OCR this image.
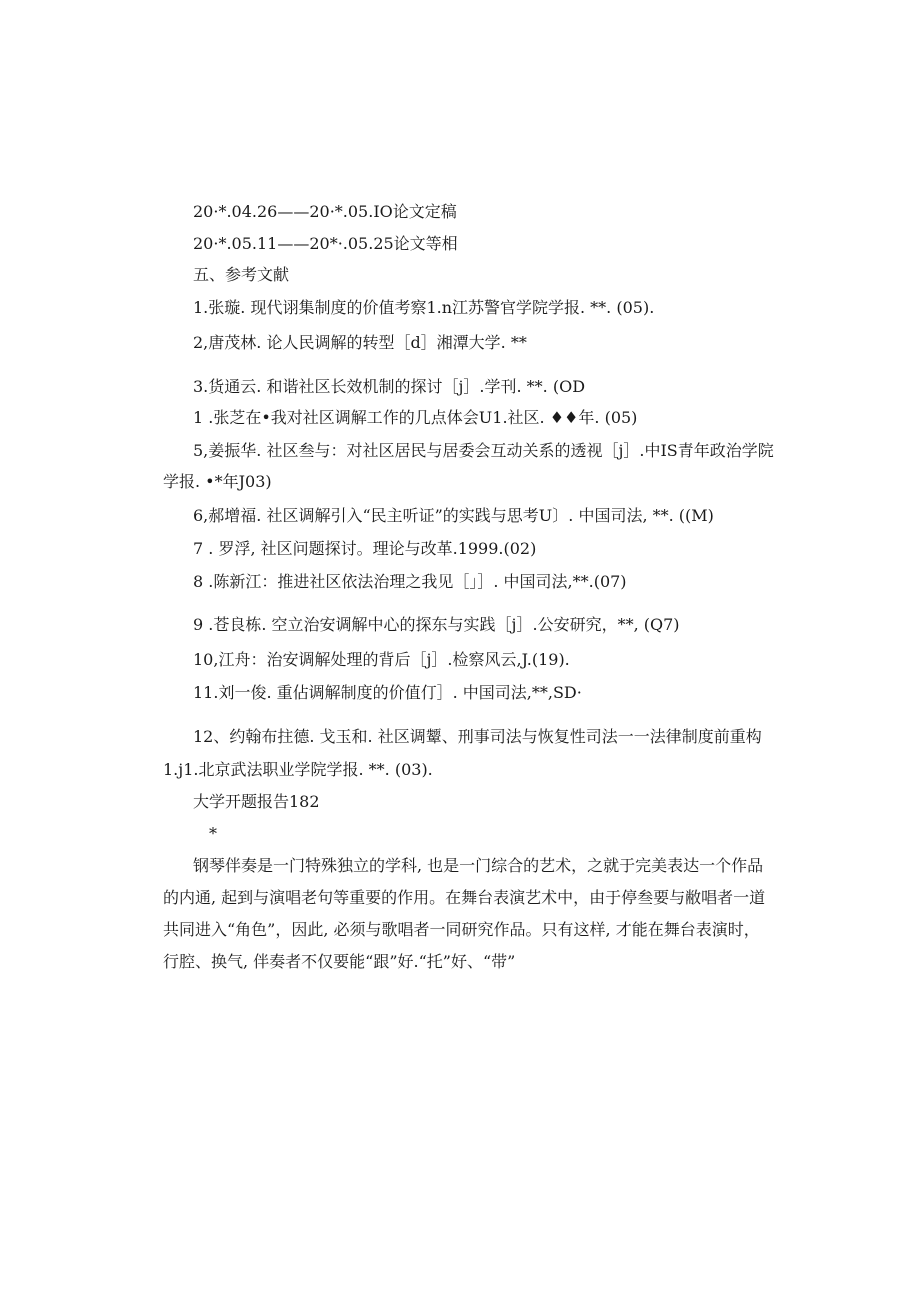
20·*.04.26——20·*.05.IO论文定稿
20·*.05.11——20*·.05.25论文等相
五、参考文献
1.张璇. 现代诩集制度的价值考察1.n江苏警官学院学报. **. (05).
2,唐茂林. 论人民调解的转型［d］湘潭大学. **
3.货通云. 和谐社区长效机制的探讨［j］.学刊. **. (OD
1 .张芝在•我对社区调解工作的几点体会U1.社区. ♦♦年. (05)
5,姜振华. 社区叁与：对社区居民与居委会互动关系的透视［j］.中IS青年政治学院
学报. •*年J03)
6,郝增福. 社区调解引入“民主听证”的实践与思考U〕. 中国司法, **. ((M)
7 . 罗浮, 社区问题探讨。理论与改革.1999.(02)
8 .陈新江：推进社区依法治理之我见［」］. 中国司法,**.(07)
9 .苍良栋. 空立治安调解中心的探东与实践［j］.公安研究，**, (Q7)
10,江舟：治安调解处理的背后［j］.检察风云,J.(19).
11.刘一俊. 重佔调解制度的价值仃］. 中国司法,**,SD·
12、约翰布拄德. 戈玉和. 社区调颦、刑事司法与恢复性司法一一法律制度前重构
1.j1.北京武法职业学院学报. **. (03).
大学开题报告182
*
钢琴伴奏是一门特殊独立的学科, 也是一门综合的艺术，之就于完美表达一个作品
的内通, 起到与演唱老句等重要的作用。在舞台表演艺术中，由于停叁要与敝唱者一道
共同进入“角色”，因此, 必须与歌唱者一同研究作品。只有这样, 才能在舞台表演时，
行腔、换气, 伴奏者不仅要能“跟”好.“托”好、“带”
